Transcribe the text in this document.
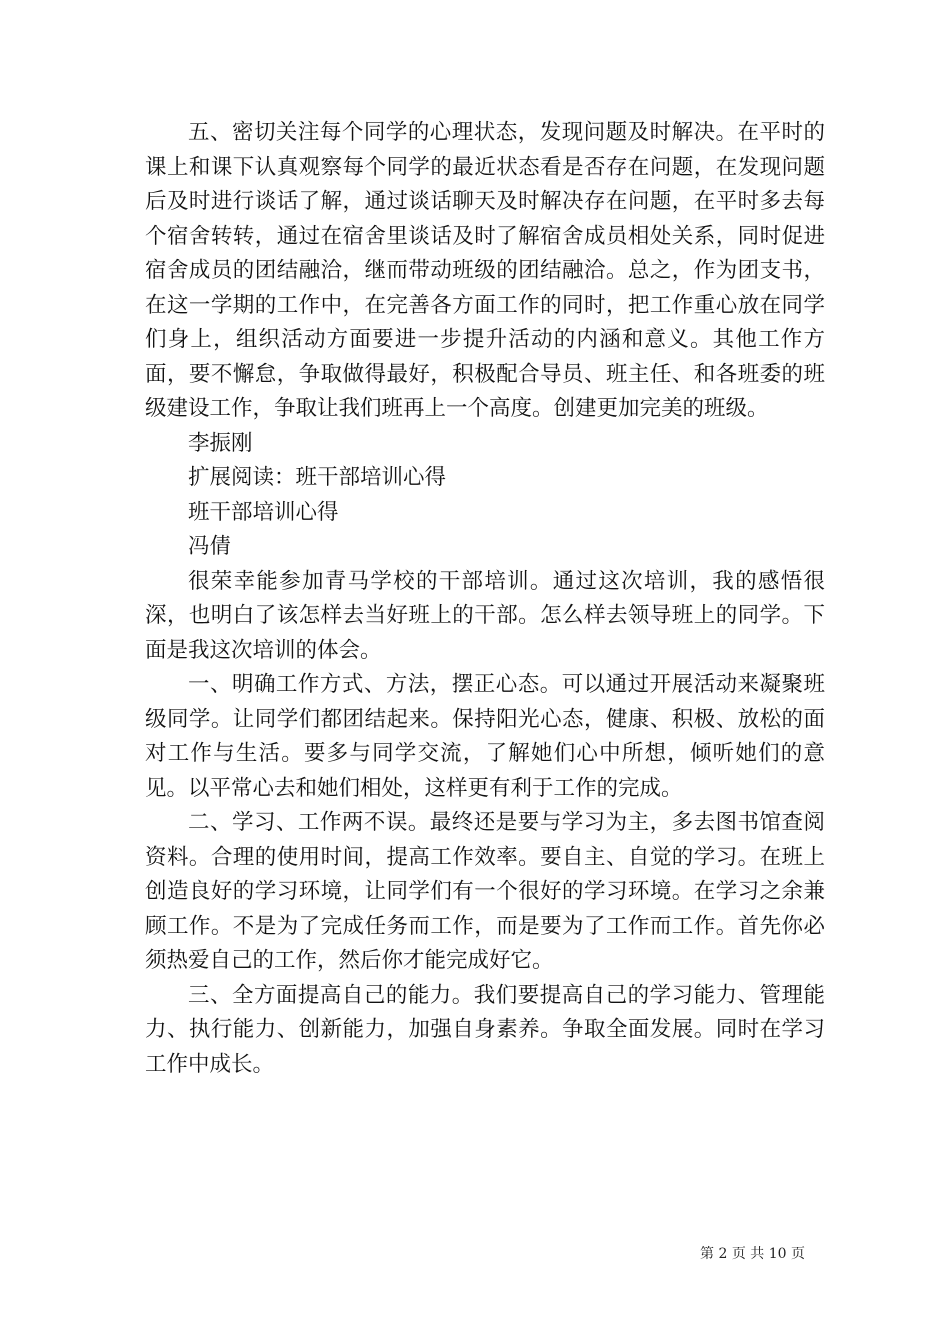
五、密切关注每个同学的心理状态，发现问题及时解决。在平时的课上和课下认真观察每个同学的最近状态看是否存在问题，在发现问题后及时进行谈话了解，通过谈话聊天及时解决存在问题，在平时多去每个宿舍转转，通过在宿舍里谈话及时了解宿舍成员相处关系，同时促进宿舍成员的团结融洽，继而带动班级的团结融洽。总之，作为团支书，在这一学期的工作中，在完善各方面工作的同时，把工作重心放在同学们身上，组织活动方面要进一步提升活动的内涵和意义。其他工作方面，要不懈怠，争取做得最好，积极配合导员、班主任、和各班委的班级建设工作，争取让我们班再上一个高度。创建更加完美的班级。

李振刚

扩展阅读：班干部培训心得

班干部培训心得

冯倩

很荣幸能参加青马学校的干部培训。通过这次培训，我的感悟很深，也明白了该怎样去当好班上的干部。怎么样去领导班上的同学。下面是我这次培训的体会。

一、明确工作方式、方法，摆正心态。可以通过开展活动来凝聚班级同学。让同学们都团结起来。保持阳光心态，健康、积极、放松的面对工作与生活。要多与同学交流，了解她们心中所想，倾听她们的意见。以平常心去和她们相处，这样更有利于工作的完成。

二、学习、工作两不误。最终还是要与学习为主，多去图书馆查阅资料。合理的使用时间，提高工作效率。要自主、自觉的学习。在班上创造良好的学习环境，让同学们有一个很好的学习环境。在学习之余兼顾工作。不是为了完成任务而工作，而是要为了工作而工作。首先你必须热爱自己的工作，然后你才能完成好它。

三、全方面提高自己的能力。我们要提高自己的学习能力、管理能力、执行能力、创新能力，加强自身素养。争取全面发展。同时在学习工作中成长。

第 2 页 共 10 页
